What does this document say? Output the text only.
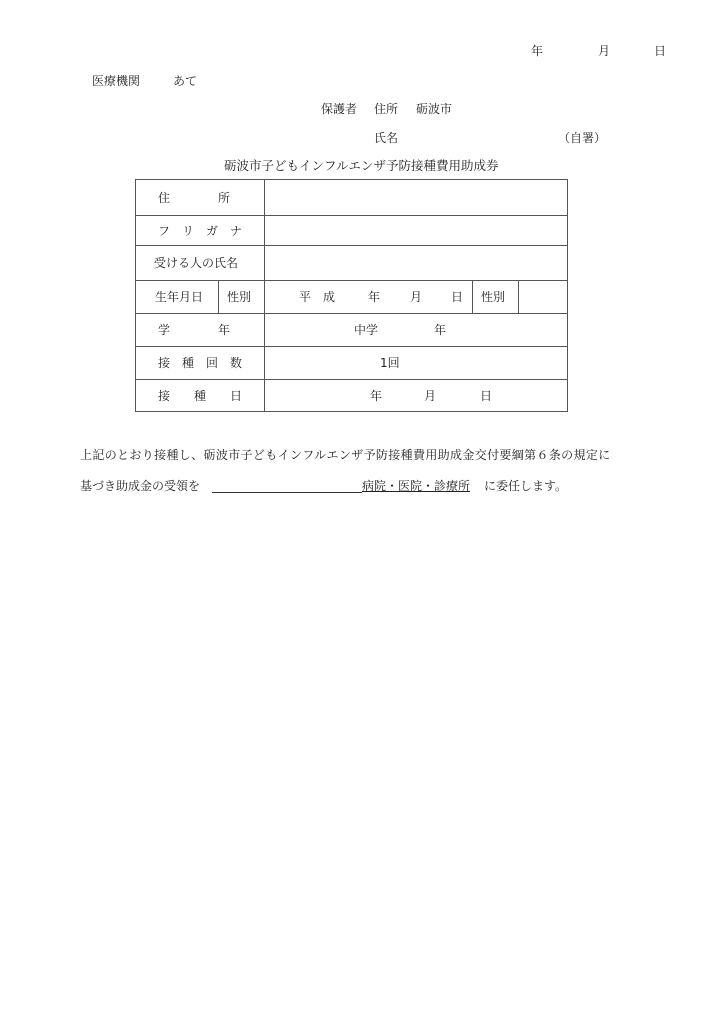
年	月	日
医療機関	あて
保護者 住所 砺波市
氏名	（自署）
砺波市子どもインフルエンザ予防接種費用助成券
住　　　　所
フ　リ　ガ　ナ
受ける人の氏名
生年月日 性別	平　成	年 月 日 性別
学　　　　年	中学	年
接　種　回　数	1回
接　　種　　日	年	月	日
上記のとおり接種し、砺波市子どもインフルエンザ予防接種費用助成金交付要綱第６条の規定に
基づき助成金の受領を	病院・医院・診療所 に委任します。
